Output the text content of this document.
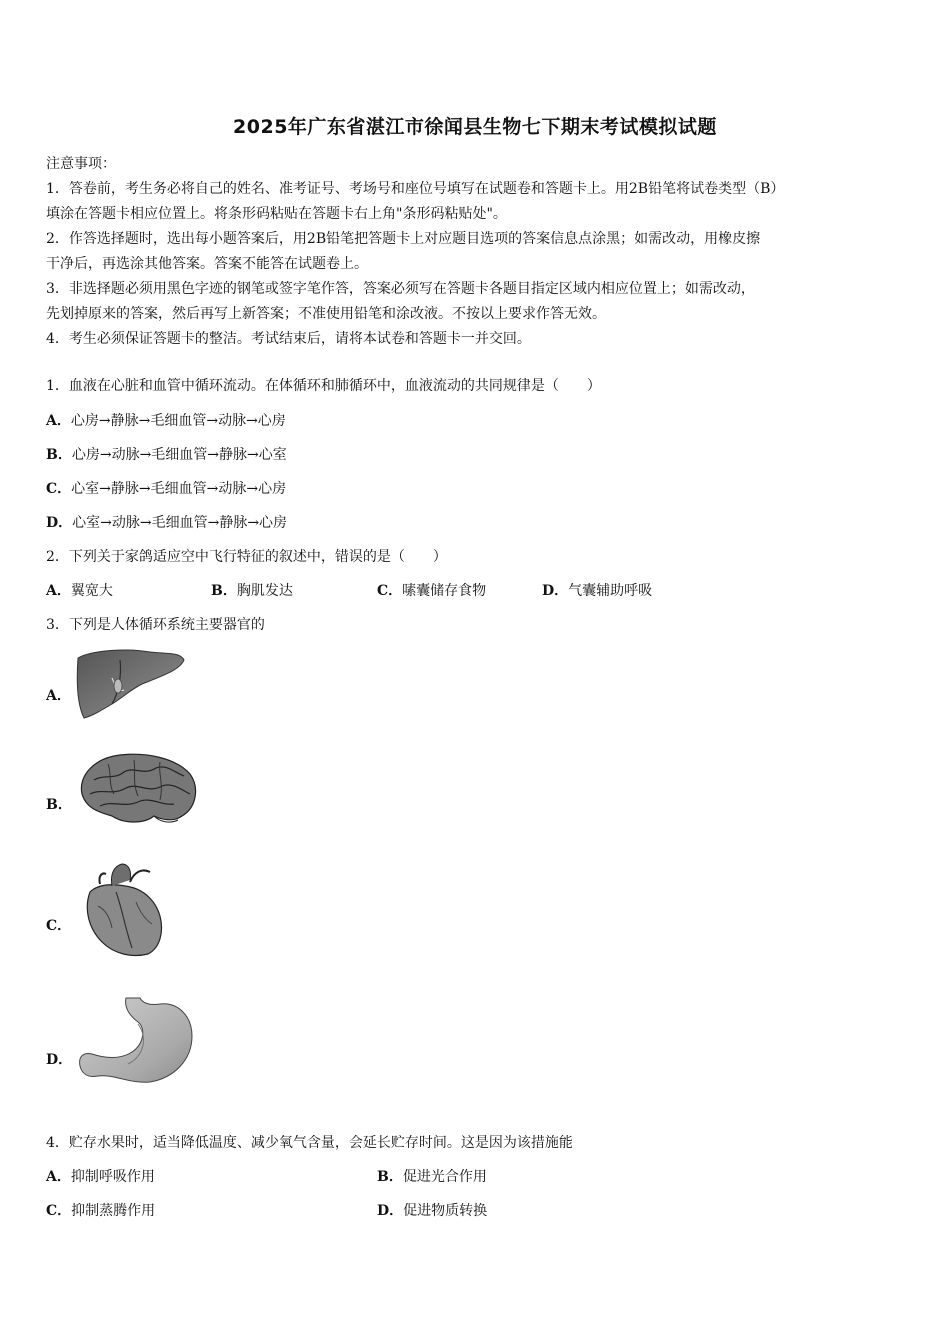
2025年广东省湛江市徐闻县生物七下期末考试模拟试题

注意事项：

1．答卷前，考生务必将自己的姓名、准考证号、考场号和座位号填写在试题卷和答题卡上。用2B铅笔将试卷类型（B）

填涂在答题卡相应位置上。将条形码粘贴在答题卡右上角"条形码粘贴处"。

2．作答选择题时，选出每小题答案后，用2B铅笔把答题卡上对应题目选项的答案信息点涂黑；如需改动，用橡皮擦

干净后，再选涂其他答案。答案不能答在试题卷上。

3．非选择题必须用黑色字迹的钢笔或签字笔作答，答案必须写在答题卡各题目指定区域内相应位置上；如需改动，

先划掉原来的答案，然后再写上新答案；不准使用铅笔和涂改液。不按以上要求作答无效。

4．考生必须保证答题卡的整洁。考试结束后，请将本试卷和答题卡一并交回。

1．血液在心脏和血管中循环流动。在体循环和肺循环中，血液流动的共同规律是（　　）
A．心房→静脉→毛细血管→动脉→心房
B．心房→动脉→毛细血管→静脉→心室
C．心室→静脉→毛细血管→动脉→心房
D．心室→动脉→毛细血管→静脉→心房
2．下列关于家鸽适应空中飞行特征的叙述中，错误的是（　　）
A．翼宽大	B．胸肌发达	C．嗉囊储存食物	D．气囊辅助呼吸
3．下列是人体循环系统主要器官的
A．
B．
C．
D．
4．贮存水果时，适当降低温度、减少氧气含量，会延长贮存时间。这是因为该措施能
A．抑制呼吸作用	B．促进光合作用
C．抑制蒸腾作用	D．促进物质转换
